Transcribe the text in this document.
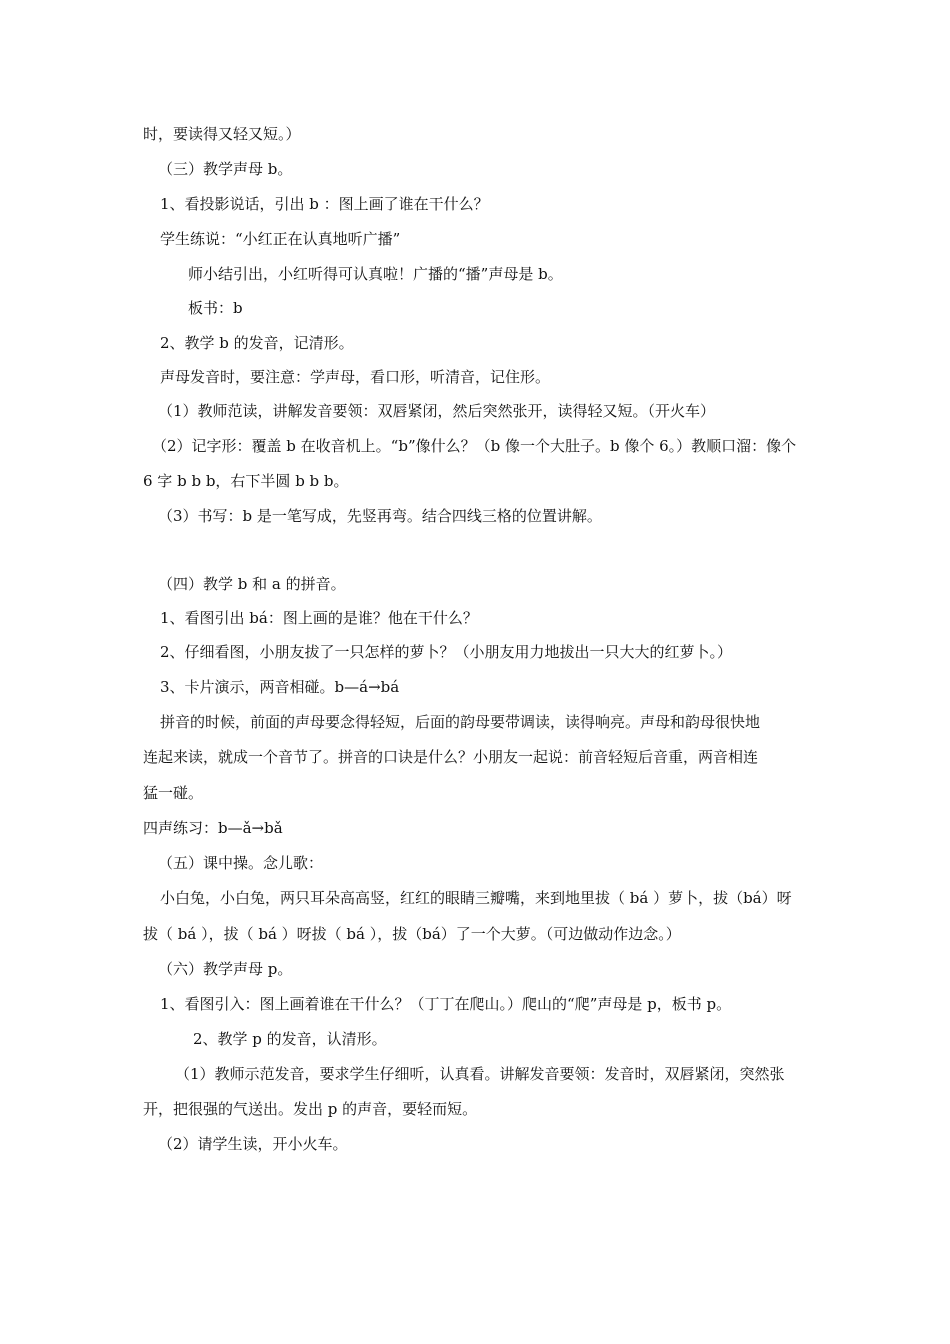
时，要读得又轻又短。）
（三）教学声母 b。
1、看投影说话，引出 b ：图上画了谁在干什么？
学生练说：“小红正在认真地听广播”
师小结引出，小红听得可认真啦！广播的“播”声母是 b。
板书：b
2、教学 b 的发音，记清形。
声母发音时，要注意：学声母，看口形，听清音，记住形。
（1）教师范读，讲解发音要领：双唇紧闭，然后突然张开，读得轻又短。（开火车）
（2）记字形：覆盖 b 在收音机上。“b”像什么？（b 像一个大肚子。b 像个 6。）教顺口溜：像个
6 字 b b b，右下半圆 b b b。
（3）书写：b 是一笔写成，先竖再弯。结合四线三格的位置讲解。
（四）教学 b 和 a 的拼音。
1、看图引出 bá：图上画的是谁？他在干什么？
2、仔细看图，小朋友拔了一只怎样的萝卜？（小朋友用力地拔出一只大大的红萝卜。）
3、卡片演示，两音相碰。b—á→bá
拼音的时候，前面的声母要念得轻短，后面的韵母要带调读，读得响亮。声母和韵母很快地
连起来读，就成一个音节了。拼音的口诀是什么？小朋友一起说：前音轻短后音重，两音相连
猛一碰。
四声练习：b—ǎ→bǎ
（五）课中操。念儿歌：
小白兔，小白兔，两只耳朵高高竖，红红的眼睛三瓣嘴，来到地里拔（ bá ）萝卜，拔（bá）呀
拔（ bá ），拔（ bá ）呀拔（ bá ），拔（bá）了一个大萝。（可边做动作边念。）
（六）教学声母 p。
1、看图引入：图上画着谁在干什么？（丁丁在爬山。）爬山的“爬”声母是 p，板书 p。
2、教学 p 的发音，认清形。
（1）教师示范发音，要求学生仔细听，认真看。讲解发音要领：发音时，双唇紧闭，突然张
开，把很强的气送出。发出 p 的声音，要轻而短。
（2）请学生读，开小火车。
